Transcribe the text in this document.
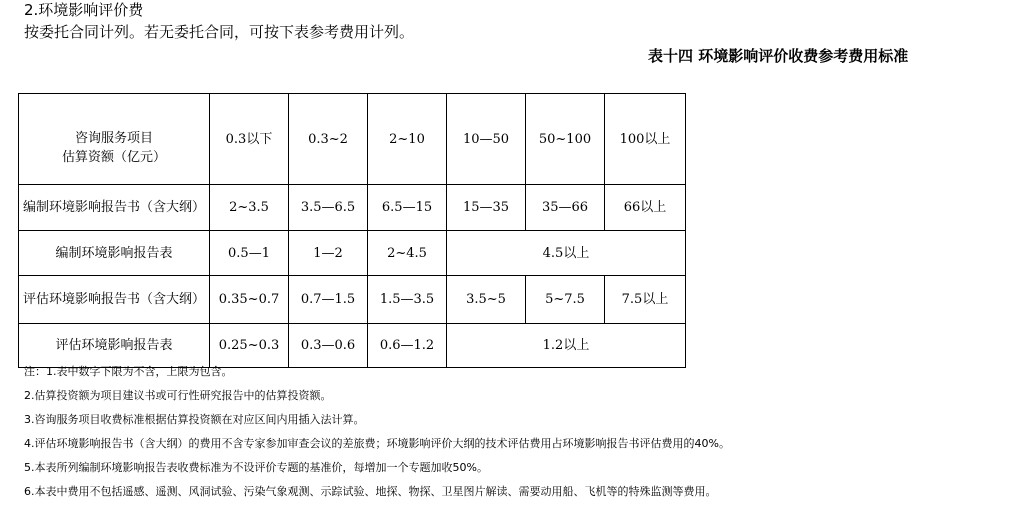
2.环境影响评价费
按委托合同计列。若无委托合同，可按下表参考费用计列。
表十四 环境影响评价收费参考费用标准
咨询服务项目
估算资额（亿元）	0.3以下	0.3~2	2~10	10—50	50~100	100以上
编制环境影响报告书（含大纲）	2~3.5	3.5—6.5	6.5—15	15—35	35—66	66以上
编制环境影响报告表	0.5—1	1—2	2~4.5	4.5以上		
评估环境影响报告书（含大纲）	0.35~0.7	0.7—1.5	1.5—3.5	3.5~5	5~7.5	7.5以上
评估环境影响报告表	0.25~0.3	0.3—0.6	0.6—1.2	1.2以上		
注：1.表中数字下限为不含，上限为包含。
2.估算投资额为项目建议书或可行性研究报告中的估算投资额。
3.咨询服务项目收费标准根据估算投资额在对应区间内用插入法计算。
4.评估环境影响报告书（含大纲）的费用不含专家参加审查会议的差旅费；环境影响评价大纲的技术评估费用占环境影响报告书评估费用的40%。
5.本表所列编制环境影响报告表收费标准为不设评价专题的基准价，每增加一个专题加收50%。
6.本表中费用不包括遥感、遥测、风洞试验、污染气象观测、示踪试验、地探、物探、卫星图片解读、需要动用船、飞机等的特殊监测等费用。
